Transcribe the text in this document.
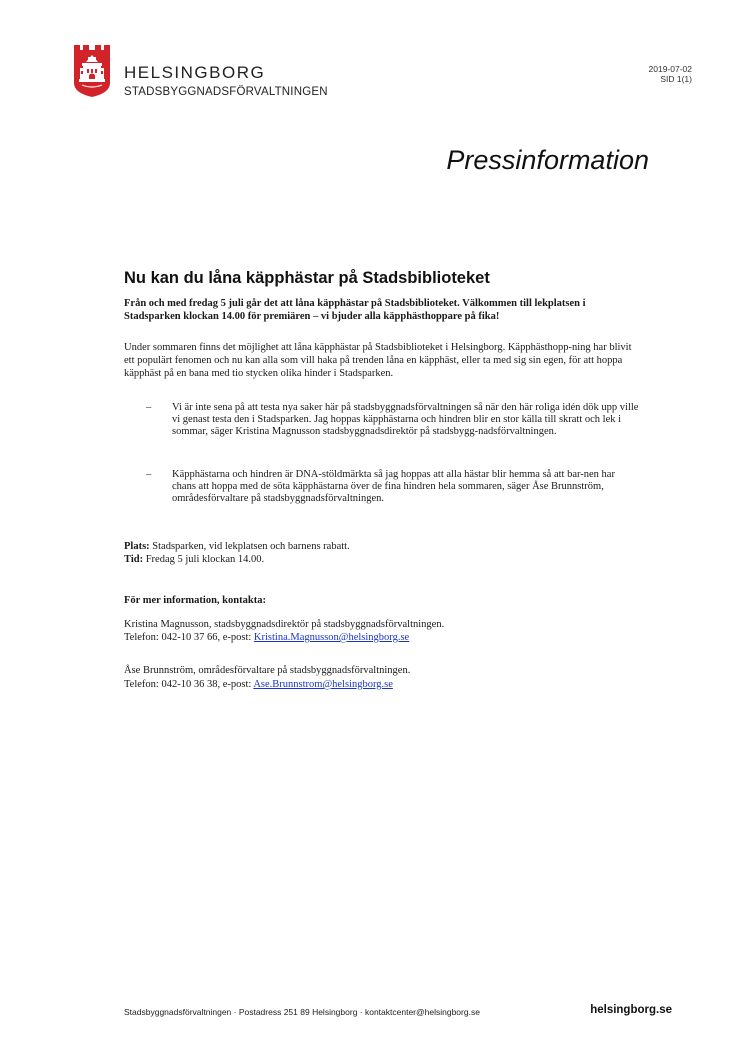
HELSINGBORG
STADSBYGGNADSFÖRVALTNINGEN
2019-07-02
SID 1(1)
Pressinformation
Nu kan du låna käpphästar på Stadsbiblioteket
Från och med fredag 5 juli går det att låna käpphästar på Stadsbiblioteket. Välkommen till lekplatsen i Stadsparken klockan 14.00 för premiären – vi bjuder alla käpphästhoppare på fika!
Under sommaren finns det möjlighet att låna käpphästar på Stadsbiblioteket i Helsingborg. Käpphästhopp-ning har blivit ett populärt fenomen och nu kan alla som vill haka på trenden låna en käpphäst, eller ta med sig sin egen, för att hoppa käpphäst på en bana med tio stycken olika hinder i Stadsparken.
– Vi är inte sena på att testa nya saker här på stadsbyggnadsförvaltningen så när den här roliga idén dök upp ville vi genast testa den i Stadsparken. Jag hoppas käpphästarna och hindren blir en stor källa till skratt och lek i sommar, säger Kristina Magnusson stadsbyggnadsdirektör på stadsbygg-nadsförvaltningen.
– Käpphästarna och hindren är DNA-stöldmärkta så jag hoppas att alla hästar blir hemma så att bar-nen har chans att hoppa med de söta käpphästarna över de fina hindren hela sommaren, säger Åse Brunnström, områdesförvaltare på stadsbyggnadsförvaltningen.
Plats: Stadsparken, vid lekplatsen och barnens rabatt.
Tid: Fredag 5 juli klockan 14.00.
För mer information, kontakta:
Kristina Magnusson, stadsbyggnadsdirektör på stadsbyggnadsförvaltningen.
Telefon: 042-10 37 66, e-post: Kristina.Magnusson@helsingborg.se
Åse Brunnström, områdesförvaltare på stadsbyggnadsförvaltningen.
Telefon: 042-10 36 38, e-post: Ase.Brunnstrom@helsingborg.se
Stadsbyggnadsförvaltningen · Postadress 251 89 Helsingborg · kontaktcenter@helsingborg.se	helsingborg.se
